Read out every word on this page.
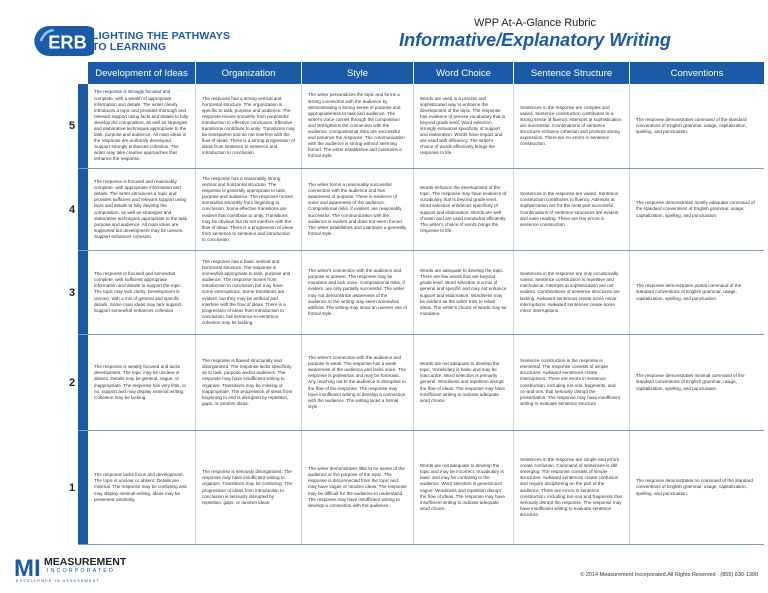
ERB LIGHTING THE PATHWAYS
TO LEARNING
WPP At-A-Glance Rubric
Informative/Explanatory Writing
Development of Ideas	Organization	Style	Word Choice	Sentence Structure	Conventions
5
The response is strongly focused and complete, with a wealth of appropriate information and details. The writer clearly introduces a topic and provides thorough and relevant support using facts and details to fully develop the composition, as well as strategies and elaborative techniques appropriate to the task, purpose and audience. All main ideas in the response are uniformly developed. Support strongly enhances cohesion. The writer may take creative approaches that enhance the response.
The response has a strong vertical and horizontal structure. The organization is specific to task, purpose and audience. The response moves smoothly from purposeful introduction to effective conclusion. Effective transitions contribute to unity. Transitions may be transparent and do not interfere with the flow of ideas. There is a strong progression of ideas from sentence to sentence and introduction to conclusion.
The writer personalizes the topic and forms a strong connection with the audience by demonstrating a strong sense of purpose and appropriateness to task and audience. The writer's voice carries through the composition and strengthens the connection with the audience. Compositional risks are successful and enhance the response. The communication with the audience is strong without seeming forced. The writer establishes and maintains a formal style.
Words are used in a precise and sophisticated way to enhance the development of the topic. The response has evidence of precise vocabulary that is beyond grade level. Word selection strongly enhances specificity of support and elaboration. Words have impact and are used with efficiency. The writer's choice of words effectively brings the response to life.
Sentences in the response are complex and varied. Sentence construction contributes to a strong sense of fluency. Attempts at sophistication are successful. Combinations of sentence structures enhance cohesion and promote strong expression. There are no errors in sentence construction.
The response demonstrates command of the standard conventions of English grammar, usage, capitalization, spelling, and punctuation.
4
The response is focused and reasonably complete, with appropriate information and details. The writer introduces a topic and provides sufficient and relevant support using facts and details to fully develop the composition, as well as strategies and elaborative techniques appropriate to the task, purpose and audience. All main ideas are supported but development may be uneven. Support enhances cohesion.
The response has a reasonably strong vertical and horizontal structure. The response is generally appropriate to task, purpose and audience. The response moves somewhat smoothly from beginning to conclusion. Some effective transitions are evident that contribute to unity. Transitions may be obvious but do not interfere with the flow of ideas. There is a progression of ideas from sentence to sentence and introduction to conclusion.
The writer forms a reasonably successful connection with the audience and has awareness of purpose. There is evidence of voice and awareness of the audience. Compositional risks, if evident, are reasonably successful. The communication with the audience is evident and does not seem forced. The writer establishes and maintains a generally formal style.
Words enhance the development of the topic. The response may have evidence of vocabulary that is beyond grade level. Word selection enhances specificity of support and elaboration. Words are well chosen and are used somewhat efficiently. The writer's choice of words brings the response to life.
Sentences in the response are varied. Sentence construction contributes to fluency. Attempts at sophistication are for the most part successful. Combinations of sentence structures are evident and ease reading. There are few errors in sentence construction.
The response demonstrates mostly adequate command of the standard conventions of English grammar, usage, capitalization, spelling, and punctuation.
3
The response is focused and somewhat complete, with sufficient appropriate information and details to support the topic. The topic may lack clarity. Development is uneven, with a mix of general and specific details. Some main ideas may lack support. Support somewhat enhances cohesion.
The response has a basic vertical and horizontal structure. The response is somewhat appropriate to task, purpose and audience. The response moves from introduction to conclusion but may have some interruptions. Some transitions are evident, but they may be artificial and interfere with the flow of ideas. There is a progression of ideas from introduction to conclusion, but sentence-to-sentence cohesion may be lacking.
The writer's connection with the audience and purpose is uneven. The response may be mundane and lack voice. Compositional risks, if evident, are only partially successful. The writer may not demonstrate awareness of the audience or the writing may seem somewhat artificial. The writing may show an uneven use of formal style.
Words are adequate to develop the topic. There are few words that are beyond grade level. Word selection is a mix of general and specific and may not enhance support and elaboration. Wordiness may be evident as the writer tries to relate ideas. The writer's choice of words may be mundane.
Sentences in the response are only occasionally varied. Sentence construction is repetitive and mechanical. Attempts at sophistication are not evident. Combinations of sentence structures are lacking. Awkward sentences create some minor interruptions. Awkward sentences create some minor interruptions.
The response demonstrates partial command of the standard conventions of English grammar, usage, capitalization, spelling, and punctuation.
2
The response is weakly focused and lacks development. The topic may be unclear or absent. Details may be general, vague, or inappropriate. The response has very little, or no, support and may display minimal writing. Cohesion may be lacking.
The response is flawed structurally and disorganized. The response lacks specificity as to task, purpose and/or audience. The response may have insufficient writing to organize. Transitions may be missing or inappropriate. The progression of ideas from beginning to end is disrupted by repetition, gaps, or random ideas.
The writer's connection with the audience and purpose is weak. The response has a weak awareness of the audience and lacks voice. The response is pedestrian and may be formulaic. Any reaching out to the audience is disruptive to the flow of the response. The response may have insufficient writing to develop a connection with the audience. The writing lacks a formal style.
Words are not adequate to develop the topic. Vocabulary is basic and may be inaccurate. Word selection is primarily general. Wordiness and repetition disrupt the flow of ideas. The response may have insufficient writing to indicate adequate word choice.
Sentence construction in the response is elemental. The response consists of simple structures. Awkward sentences create interruptions. There are errors in sentence construction, including run-ons, fragments, and on-and-ons, that seriously disrupt the presentation. The response may have insufficient writing to evaluate sentence structure.
The response demonstrates minimal command of the standard conventions of English grammar, usage, capitalization, spelling, and punctuation.
1
The response lacks focus and development. The topic is unclear or absent. Details are minimal. The response may be confusing and may display minimal writing. Ideas may be presented randomly.
The response is seriously disorganized. The response may have insufficient writing to organize. Transitions may be confusing. The progression of ideas from introduction to conclusion is seriously disrupted by repetition, gaps, or random ideas.
The writer demonstrates little to no sense of the audience or the purpose of the topic. The response is disconnected from the topic and may have vague or random ideas. The response may be difficult for the audience to understand. The response may have insufficient writing to develop a connection with the audience.
Words are not adequate to develop the topic and may be incorrect. Vocabulary is basic and may be confusing to the audience. Word selection is general and vague. Wordiness and repetition disrupt the flow of ideas. The response may have insufficient writing to indicate adequate word choice.
Sentences in the response are simple and errors create confusion. Command of sentences is still emerging. The response consists of simple structures. Awkward sentences create confusion and require deciphering on the part of the audience. There are errors in sentence construction, including run-ons and fragments that seriously disrupt the response. The response may have insufficient writing to evaluate sentence structure.
The response demonstrates no command of the standard conventions of English grammar, usage, capitalization, spelling, and punctuation.
MI MEASUREMENT
INCORPORATED
EXCELLENCE IN ASSESSMENT
© 2014 Measurement Incorporated.All Rights Reserved · (855) 830-1390
